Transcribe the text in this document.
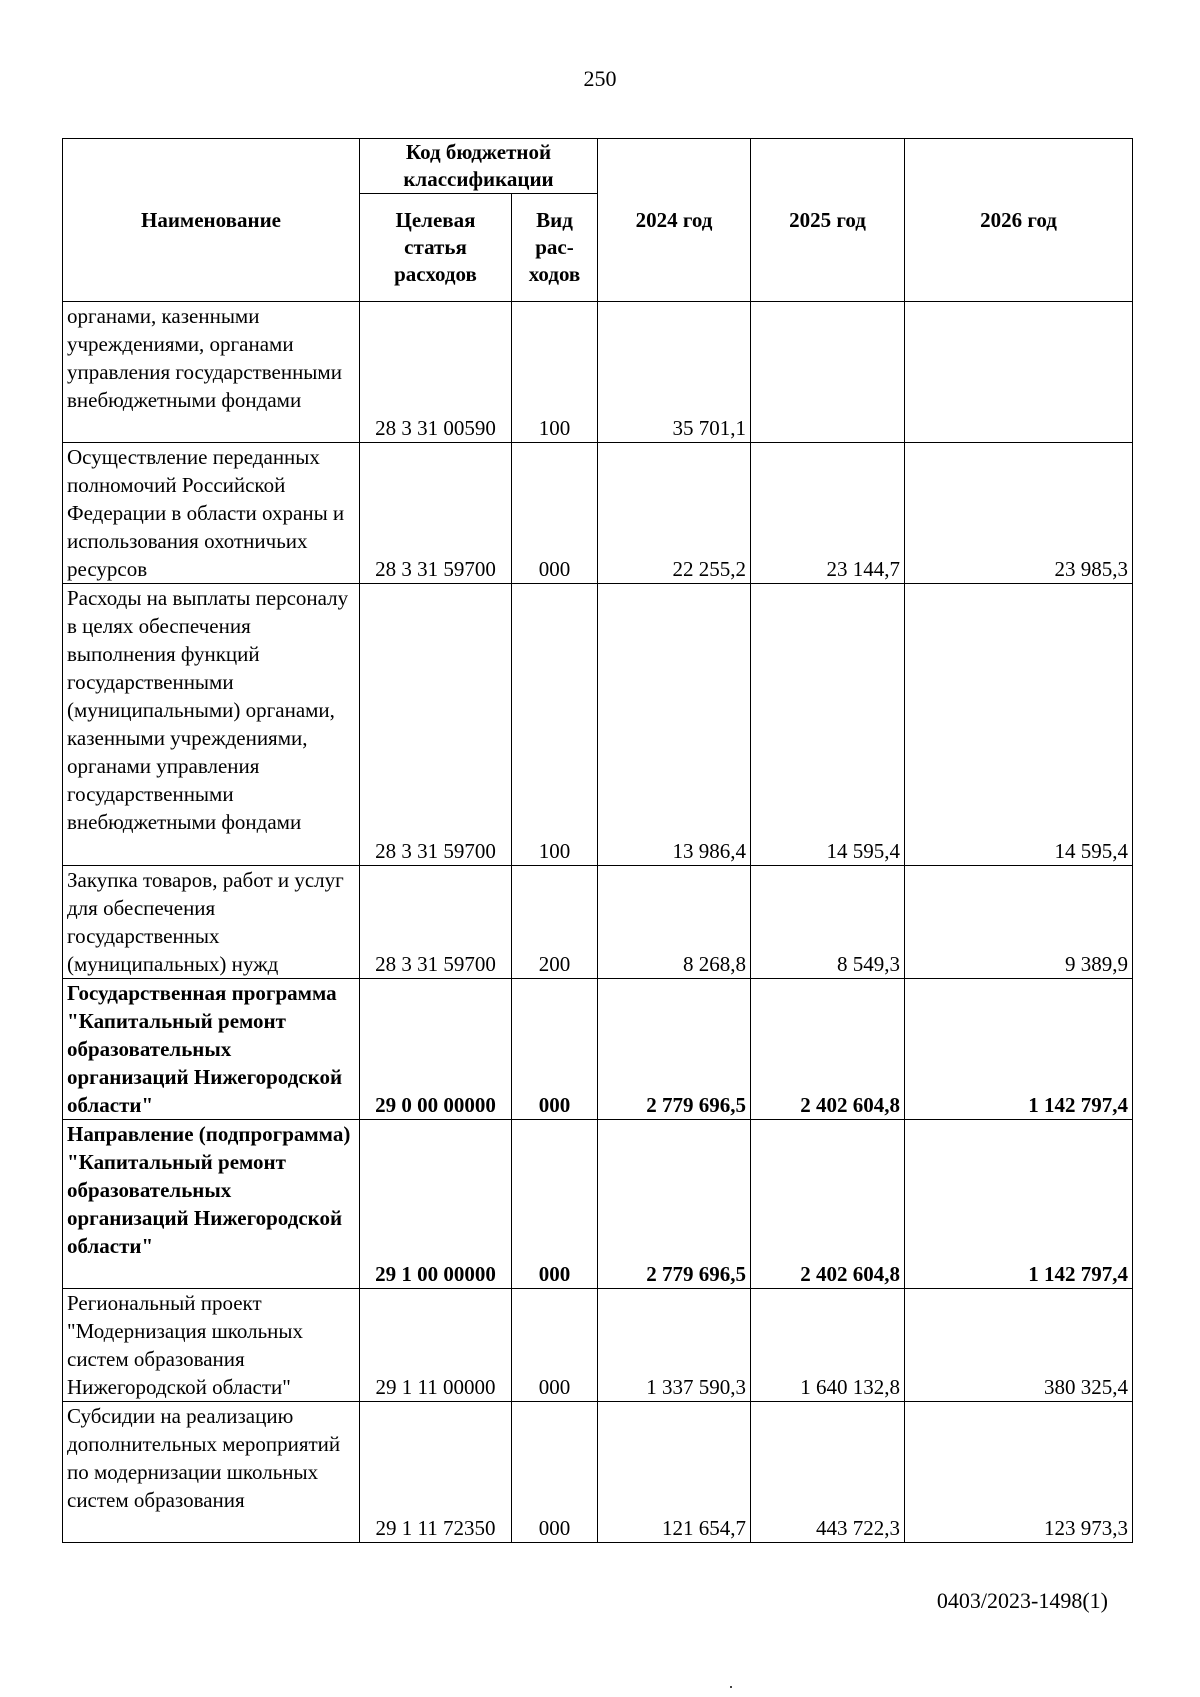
250
Наименование	Код бюджетной классификации		2024 год	2025 год	2026 год
	Целевая статья расходов	Вид рас-ходов			
органами, казенными учреждениями, органами управления государственными внебюджетными фондами	28 3 31 00590	100	35 701,1		
Осуществление переданных полномочий Российской Федерации в области охраны и использования охотничьих ресурсов	28 3 31 59700	000	22 255,2	23 144,7	23 985,3
Расходы на выплаты персоналу в целях обеспечения выполнения функций государственными (муниципальными) органами, казенными учреждениями, органами управления государственными внебюджетными фондами	28 3 31 59700	100	13 986,4	14 595,4	14 595,4
Закупка товаров, работ и услуг для обеспечения государственных (муниципальных) нужд	28 3 31 59700	200	8 268,8	8 549,3	9 389,9
Государственная программа "Капитальный ремонт образовательных организаций Нижегородской области"	29 0 00 00000	000	2 779 696,5	2 402 604,8	1 142 797,4
Направление (подпрограмма) "Капитальный ремонт образовательных организаций Нижегородской области"	29 1 00 00000	000	2 779 696,5	2 402 604,8	1 142 797,4
Региональный проект "Модернизация школьных систем образования Нижегородской области"	29 1 11 00000	000	1 337 590,3	1 640 132,8	380 325,4
Субсидии на реализацию дополнительных мероприятий по модернизации школьных систем образования	29 1 11 72350	000	121 654,7	443 722,3	123 973,3
0403/2023-1498(1)
